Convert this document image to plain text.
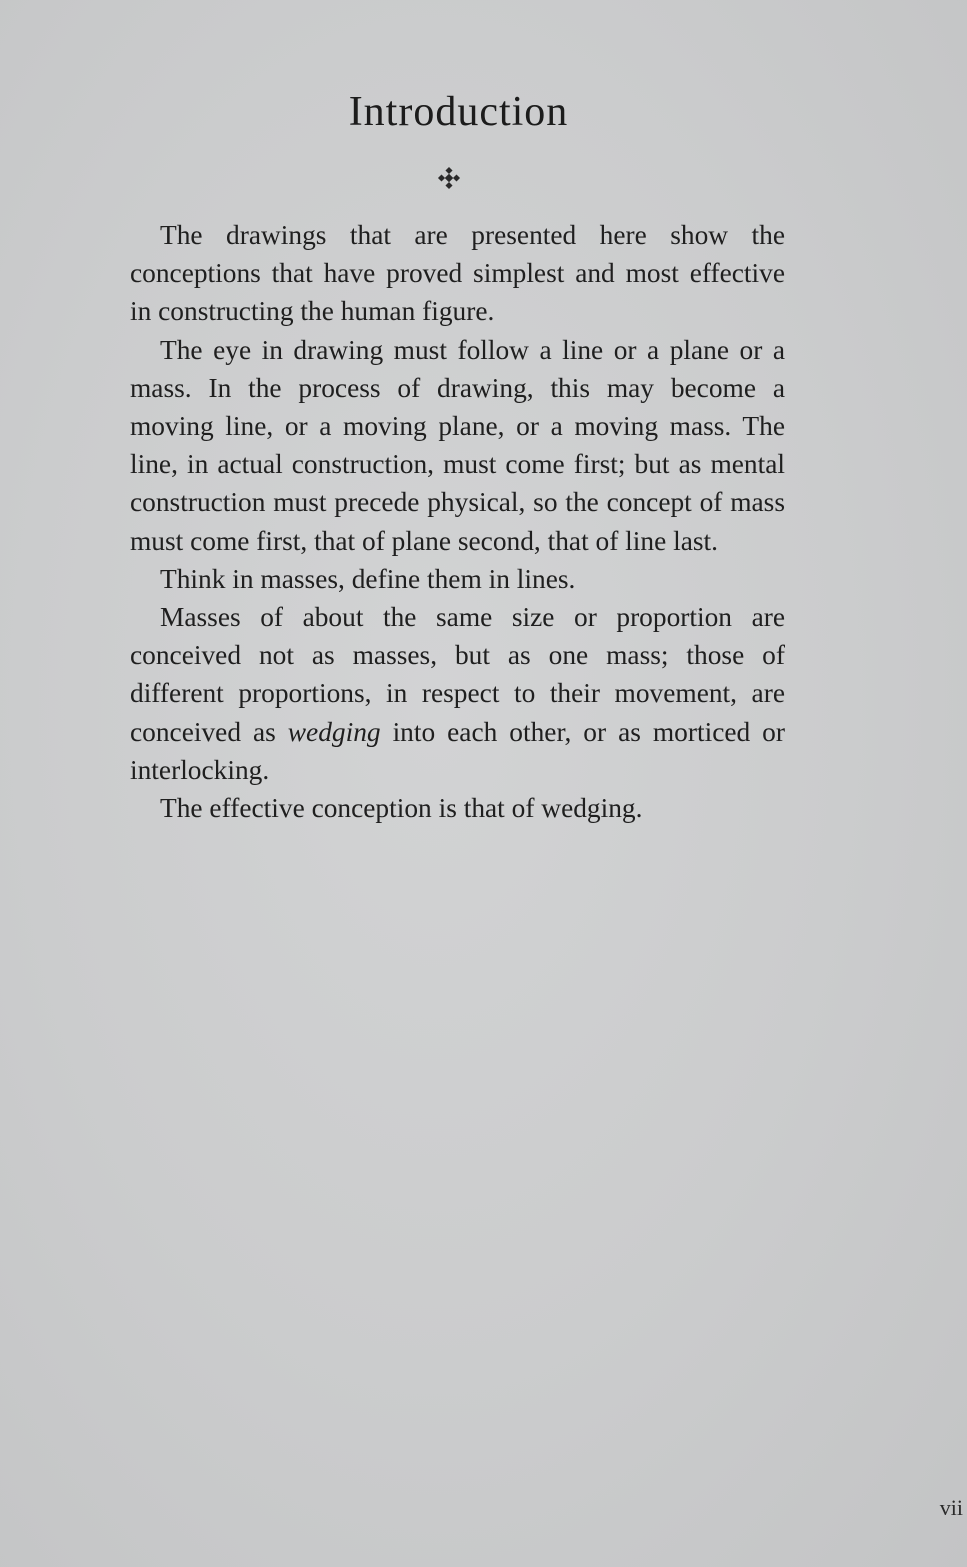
Introduction

The drawings that are presented here show the conceptions that have proved simplest and most effective in constructing the human figure.

The eye in drawing must follow a line or a plane or a mass. In the process of drawing, this may become a moving line, or a moving plane, or a moving mass. The line, in actual construction, must come first; but as mental construction must precede physical, so the concept of mass must come first, that of plane second, that of line last.

Think in masses, define them in lines.

Masses of about the same size or proportion are conceived not as masses, but as one mass; those of different proportions, in respect to their movement, are conceived as wedging into each other, or as morticed or interlocking.

The effective conception is that of wedging.

vii
